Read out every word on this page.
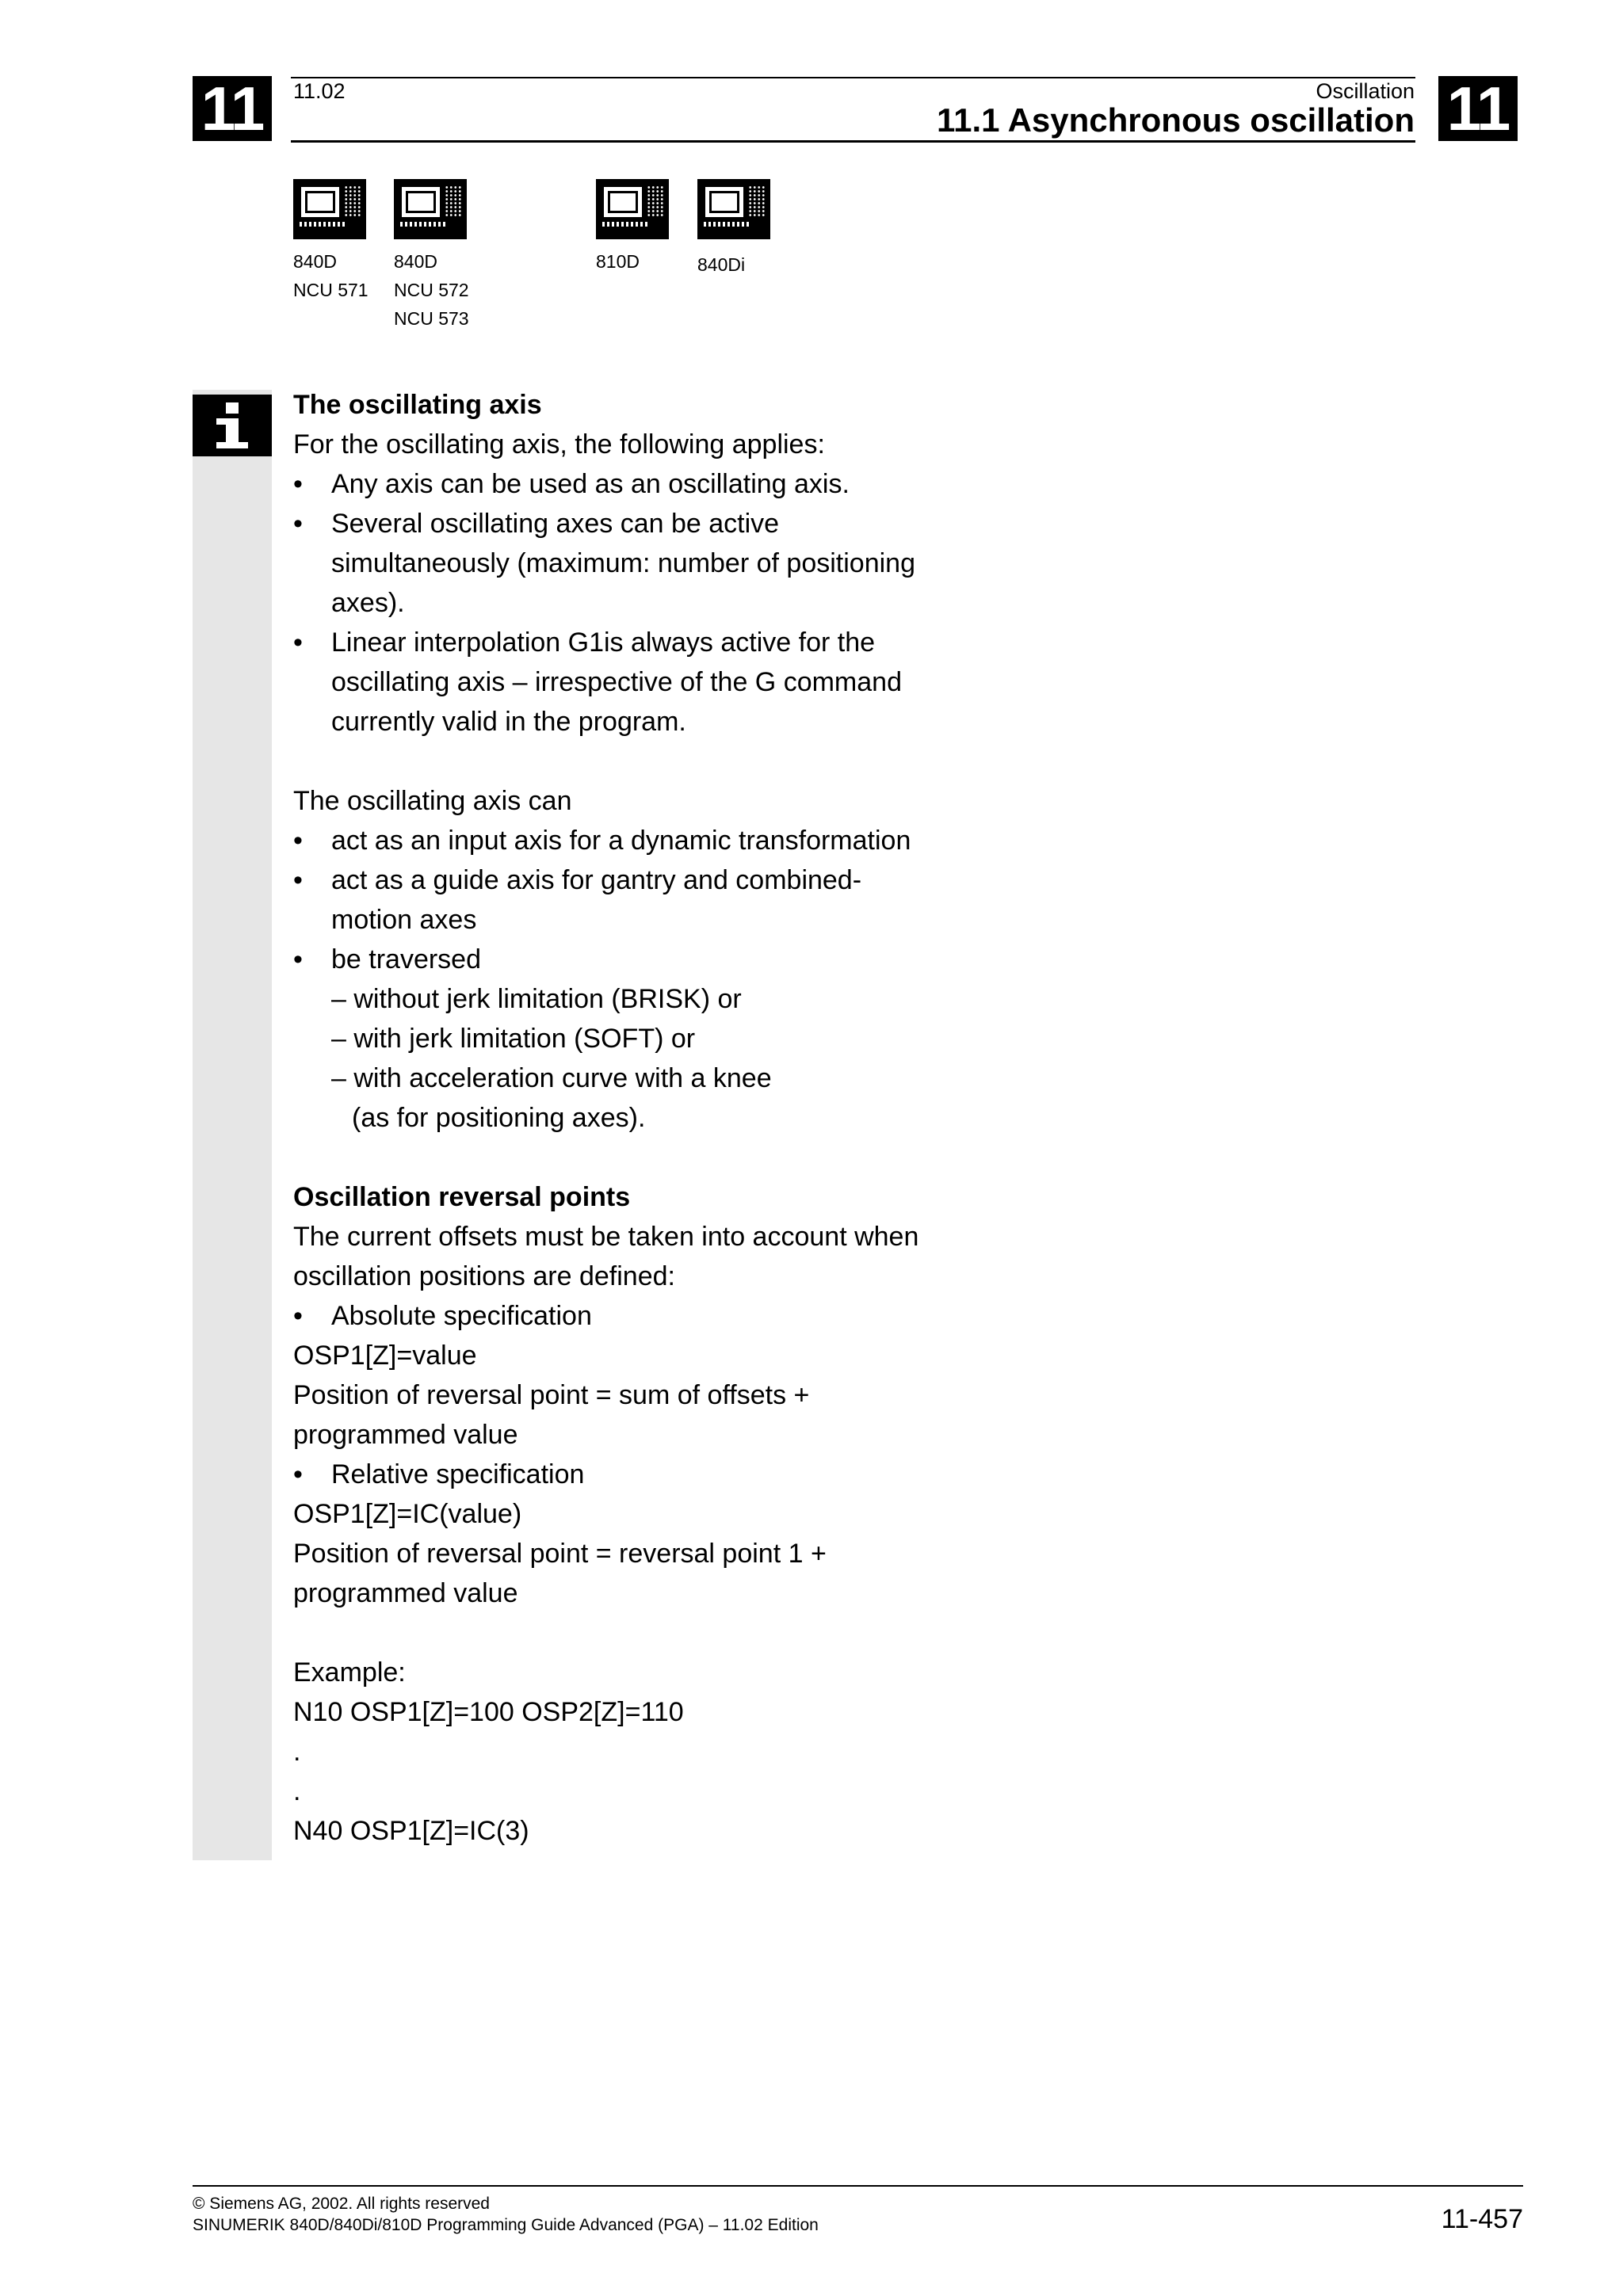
11	11.02	Oscillation
11.1 Asynchronous oscillation 11
840D
NCU 571
840D
NCU 572
NCU 573
810D	840Di
The oscillating axis

For the oscillating axis, the following applies:

• Any axis can be used as an oscillating axis.
• Several oscillating axes can be active
simultaneously (maximum: number of positioning
axes).
• Linear interpolation G1is always active for the
oscillating axis – irrespective of the G command
currently valid in the program.

The oscillating axis can

• act as an input axis for a dynamic transformation
• act as a guide axis for gantry and combined-
motion axes
• be traversed
– without jerk limitation (BRISK) or
– with jerk limitation (SOFT) or
– with acceleration curve with a knee
(as for positioning axes).
Oscillation reversal points

The current offsets must be taken into account when

oscillation positions are defined:

• Absolute specification

OSP1[Z]=value

Position of reversal point = sum of offsets +

programmed value

• Relative specification

OSP1[Z]=IC(value)

Position of reversal point = reversal point 1 +

programmed value

Example:

N10 OSP1[Z]=100 OSP2[Z]=110

.

.

N40 OSP1[Z]=IC(3)

© Siemens AG, 2002. All rights reserved
SINUMERIK 840D/840Di/810D Programming Guide Advanced (PGA) – 11.02 Edition	11-457
